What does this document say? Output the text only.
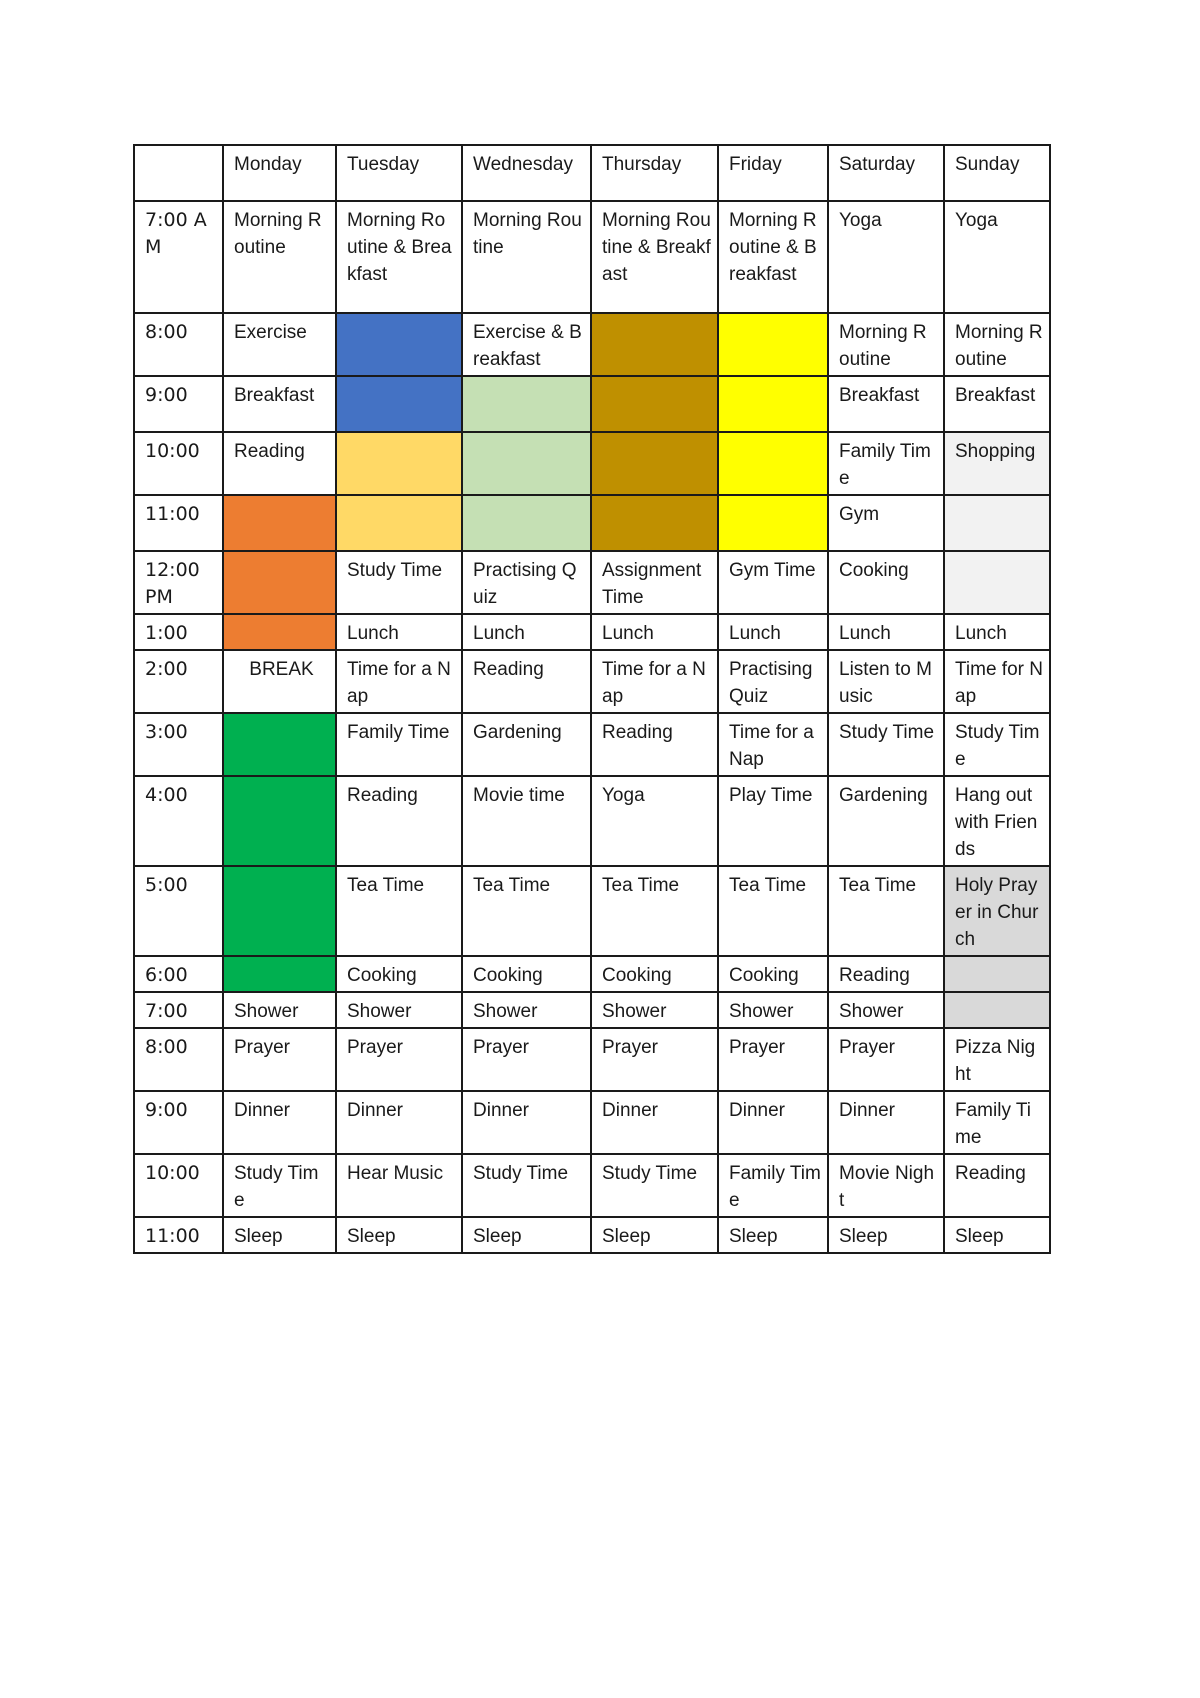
	Monday	Tuesday	Wednesday	Thursday	Friday	Saturday	Sunday
7:00 AM	Morning Routine	Morning Routine & Breakfast	Morning Routine	Morning Routine & Breakfast	Morning Routine & Breakfast	Yoga	Yoga
8:00	Exercise		Exercise & Breakfast			Morning Routine	Morning Routine
9:00	Breakfast					Breakfast	Breakfast
10:00	Reading					Family Time	Shopping
11:00						Gym	
12:00 PM		Study Time	Practising Quiz	Assignment Time	Gym Time	Cooking	
1:00		Lunch	Lunch	Lunch	Lunch	Lunch	Lunch
2:00	BREAK	Time for a Nap	Reading	Time for a Nap	Practising Quiz	Listen to Music	Time for Nap
3:00		Family Time	Gardening	Reading	Time for a Nap	Study Time	Study Time
4:00		Reading	Movie time	Yoga	Play Time	Gardening	Hang out with Friends
5:00		Tea Time	Tea Time	Tea Time	Tea Time	Tea Time	Holy Prayer in Church
6:00		Cooking	Cooking	Cooking	Cooking	Reading	
7:00	Shower	Shower	Shower	Shower	Shower	Shower	
8:00	Prayer	Prayer	Prayer	Prayer	Prayer	Prayer	Pizza Night
9:00	Dinner	Dinner	Dinner	Dinner	Dinner	Dinner	Family Time
10:00	Study Time	Hear Music	Study Time	Study Time	Family Time	Movie Night	Reading
11:00	Sleep	Sleep	Sleep	Sleep	Sleep	Sleep	Sleep
